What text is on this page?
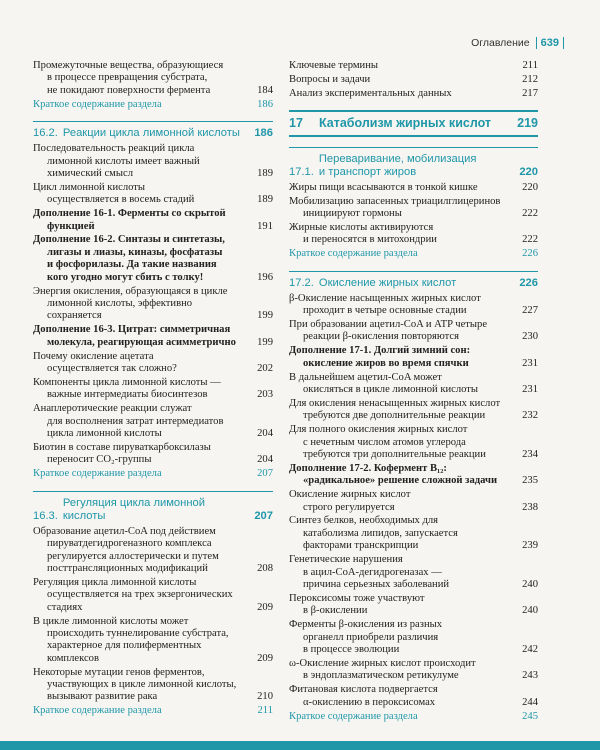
Оглавление	639
Промежуточные вещества, образующиеся
в процессе превращения субстрата,
не покидают поверхности фермента	184
Краткое содержание раздела	186
16.2. Реакции цикла лимонной кислоты	186
Последовательность реакций цикла
лимонной кислоты имеет важный
химический смысл	189
Цикл лимонной кислоты
осуществляется в восемь стадий	189
Дополнение 16-1. Ферменты со скрытой
функцией	191
Дополнение 16-2. Синтазы и синтетазы,
лигазы и лиазы, киназы, фосфатазы
и фосфорилазы. Да такие названия
кого угодно могут сбить с толку!	196
Энергия окисления, образующаяся в цикле
лимонной кислоты, эффективно
сохраняется	199
Дополнение 16-3. Цитрат: симметричная
молекула, реагирующая асимметрично	199
Почему окисление ацетата
осуществляется так сложно?	202
Компоненты цикла лимонной кислоты —
важные интермедиаты биосинтезов	203
Анаплеротические реакции служат
для восполнения затрат интермедиатов
цикла лимонной кислоты	204
Биотин в составе пируваткарбоксилазы
переносит CO₂-группы	204
Краткое содержание раздела	207
16.3.
Регуляция цикла лимонной
кислоты	207
Образование ацетил-CoA под действием
пируватдегидрогеназного комплекса
регулируется аллостерически и путем
посттрансляционных модификаций	208
Регуляция цикла лимонной кислоты
осуществляется на трех экзергонических
стадиях	209
В цикле лимонной кислоты может
происходить туннелирование субстрата,
характерное для полиферментных
комплексов	209
Некоторые мутации генов ферментов,
участвующих в цикле лимонной кислоты,
вызывают развитие рака	210
Краткое содержание раздела	211
Ключевые термины	211
Вопросы и задачи	212
Анализ экспериментальных данных	217
17	Катаболизм жирных кислот	219
17.1.
Переваривание, мобилизация
и транспорт жиров	220
Жиры пищи всасываются в тонкой кишке	220
Мобилизацию запасенных триацилглицеринов
инициируют гормоны	222
Жирные кислоты активируются
и переносятся в митохондрии	222
Краткое содержание раздела	226
17.2. Окисление жирных кислот	226
β-Окисление насыщенных жирных кислот
проходит в четыре основные стадии	227
При образовании ацетил-CoA и ATP четыре
реакции β-окисления повторяются	230
Дополнение 17-1. Долгий зимний сон:
окисление жиров во время спячки	231
В дальнейшем ацетил-CoA может
окисляться в цикле лимонной кислоты	231
Для окисления ненасыщенных жирных кислот
требуются две дополнительные реакции	232
Для полного окисления жирных кислот
с нечетным числом атомов углерода
требуются три дополнительные реакции	234
Дополнение 17-2. Кофермент B₁₂:
«радикальное» решение сложной задачи	235
Окисление жирных кислот
строго регулируется	238
Синтез белков, необходимых для
катаболизма липидов, запускается
факторами транскрипции	239
Генетические нарушения
в ацил-CoA-дегидрогеназах —
причина серьезных заболеваний	240
Пероксисомы тоже участвуют
в β-окислении	240
Ферменты β-окисления из разных
органелл приобрели различия
в процессе эволюции	242
ω-Окисление жирных кислот происходит
в эндоплазматическом ретикулуме	243
Фитановая кислота подвергается
α-окислению в пероксисомах	244
Краткое содержание раздела	245
